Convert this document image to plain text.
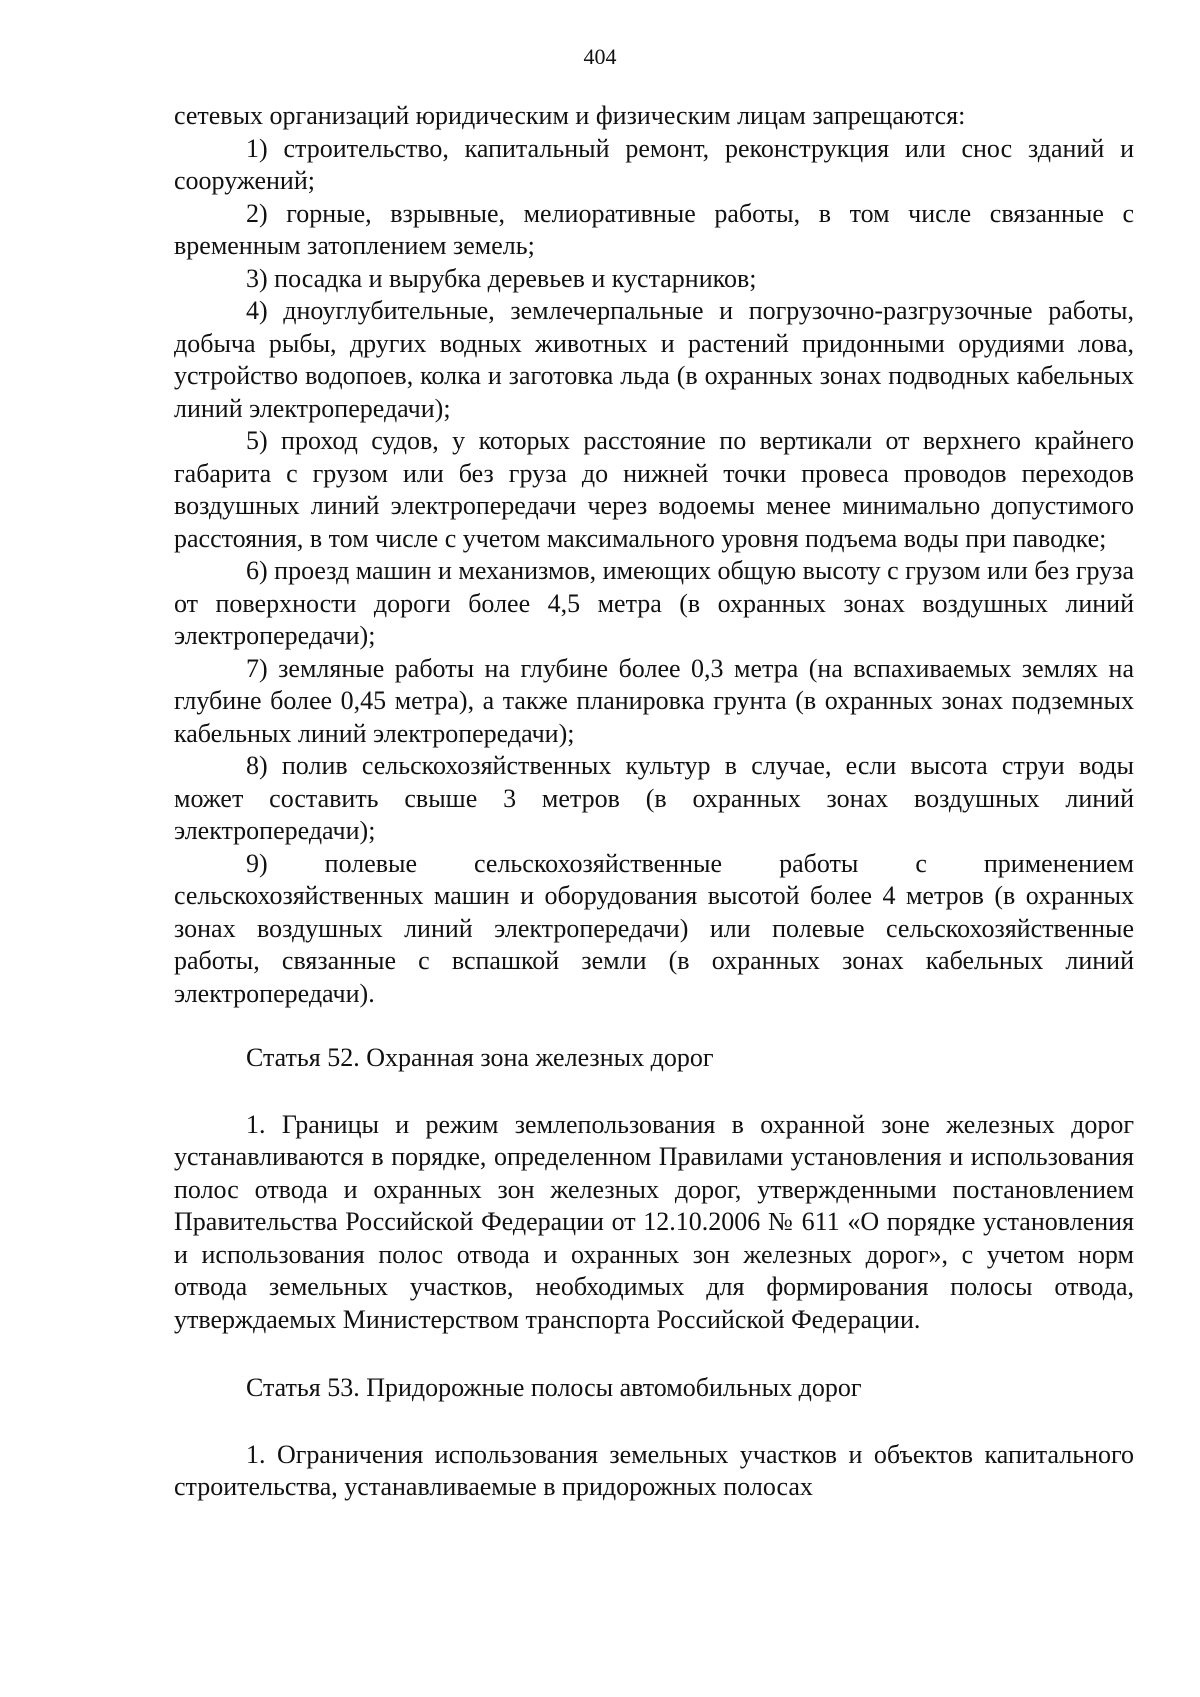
404

сетевых организаций юридическим и физическим лицам запрещаются:

1) строительство, капитальный ремонт, реконструкция или снос зданий и сооружений;

2) горные, взрывные, мелиоративные работы, в том числе связанные с временным затоплением земель;

3) посадка и вырубка деревьев и кустарников;

4) дноуглубительные, землечерпальные и погрузочно-разгрузочные работы, добыча рыбы, других водных животных и растений придонными орудиями лова, устройство водопоев, колка и заготовка льда (в охранных зонах подводных кабельных линий электропередачи);

5) проход судов, у которых расстояние по вертикали от верхнего крайнего габарита с грузом или без груза до нижней точки провеса проводов переходов воздушных линий электропередачи через водоемы менее минимально допустимого расстояния, в том числе с учетом максимального уровня подъема воды при паводке;

6) проезд машин и механизмов, имеющих общую высоту с грузом или без груза от поверхности дороги более 4,5 метра (в охранных зонах воздушных линий электропередачи);

7) земляные работы на глубине более 0,3 метра (на вспахиваемых землях на глубине более 0,45 метра), а также планировка грунта (в охранных зонах подземных кабельных линий электропередачи);

8) полив сельскохозяйственных культур в случае, если высота струи воды может составить свыше 3 метров (в охранных зонах воздушных линий электропередачи);

9) полевые сельскохозяйственные работы с применением сельскохозяйственных машин и оборудования высотой более 4 метров (в охранных зонах воздушных линий электропередачи) или полевые сельскохозяйственные работы, связанные с вспашкой земли (в охранных зонах кабельных линий электропередачи).

Статья 52. Охранная зона железных дорог

1. Границы и режим землепользования в охранной зоне железных дорог устанавливаются в порядке, определенном Правилами установления и использования полос отвода и охранных зон железных дорог, утвержденными постановлением Правительства Российской Федерации от 12.10.2006 № 611 «О порядке установления и использования полос отвода и охранных зон железных дорог», с учетом норм отвода земельных участков, необходимых для формирования полосы отвода, утверждаемых Министерством транспорта Российской Федерации.

Статья 53. Придорожные полосы автомобильных дорог

1. Ограничения использования земельных участков и объектов капитального строительства, устанавливаемые в придорожных полосах
